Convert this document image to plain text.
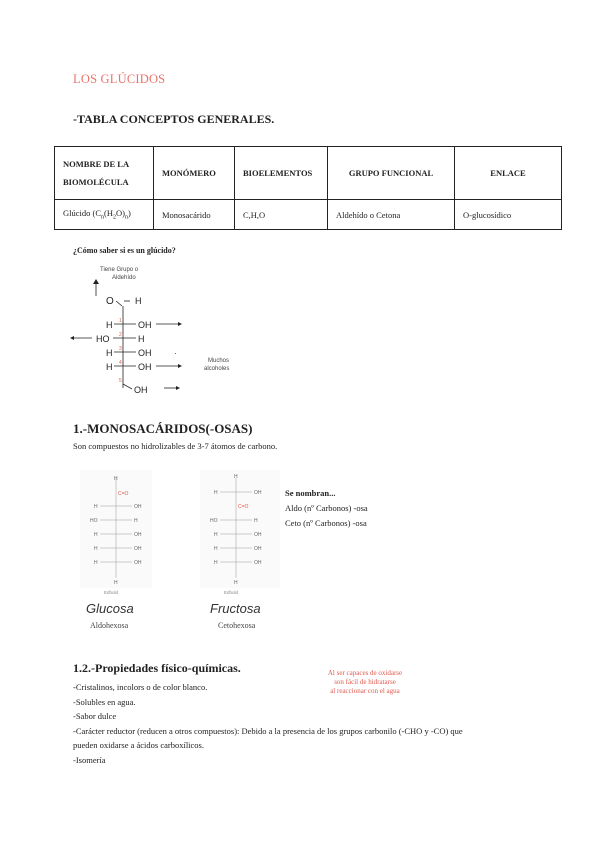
LOS GLÚCIDOS
-TABLA CONCEPTOS GENERALES.
NOMBRE DE LA BIOMOLÉCULA	MONÓMERO	BIOELEMENTOS	GRUPO FUNCIONAL	ENLACE
Glúcido $(C_n(H_2O)_n)$	Monosacárido	C,H,O	Aldehído o Cetona	O-glucosídico
¿Cómo saber si es un glúcido?
Tiene Grupo o
Aldehído
O H
H	OH
HO	H
H	OH	·
H	OH
Muchos
alcoholes
OH
1
2
3
4
5
1.-MONOSACÁRIDOS(-OSAS)
Son compuestos no hidrolizables de 3-7 átomos de carbono.
H
C=O
H	OH
HO	H
H	OH
H	OH
H	OH
H
Edhold
Glucosa
H
H	OH
C=O
HO	H
H	OH
H	OH
H	OH
H
Edhold
Fructosa
Aldohexosa	Cetohexosa
Se nombran...
Aldo (nº Carbonos) -osa
Ceto (nº Carbonos) -osa
1.2.-Propiedades físico-químicas.	Al ser capaces de oxidarse
son fácil de hidratarse
al reaccionar con el agua
-Cristalinos, incolors o de color blanco.
-Solubles en agua.
-Sabor dulce
-Carácter reductor (reducen a otros compuestos): Debido a la presencia de los grupos carbonilo (-CHO y -CO) que
pueden oxidarse a ácidos carboxílicos.
-Isomería
